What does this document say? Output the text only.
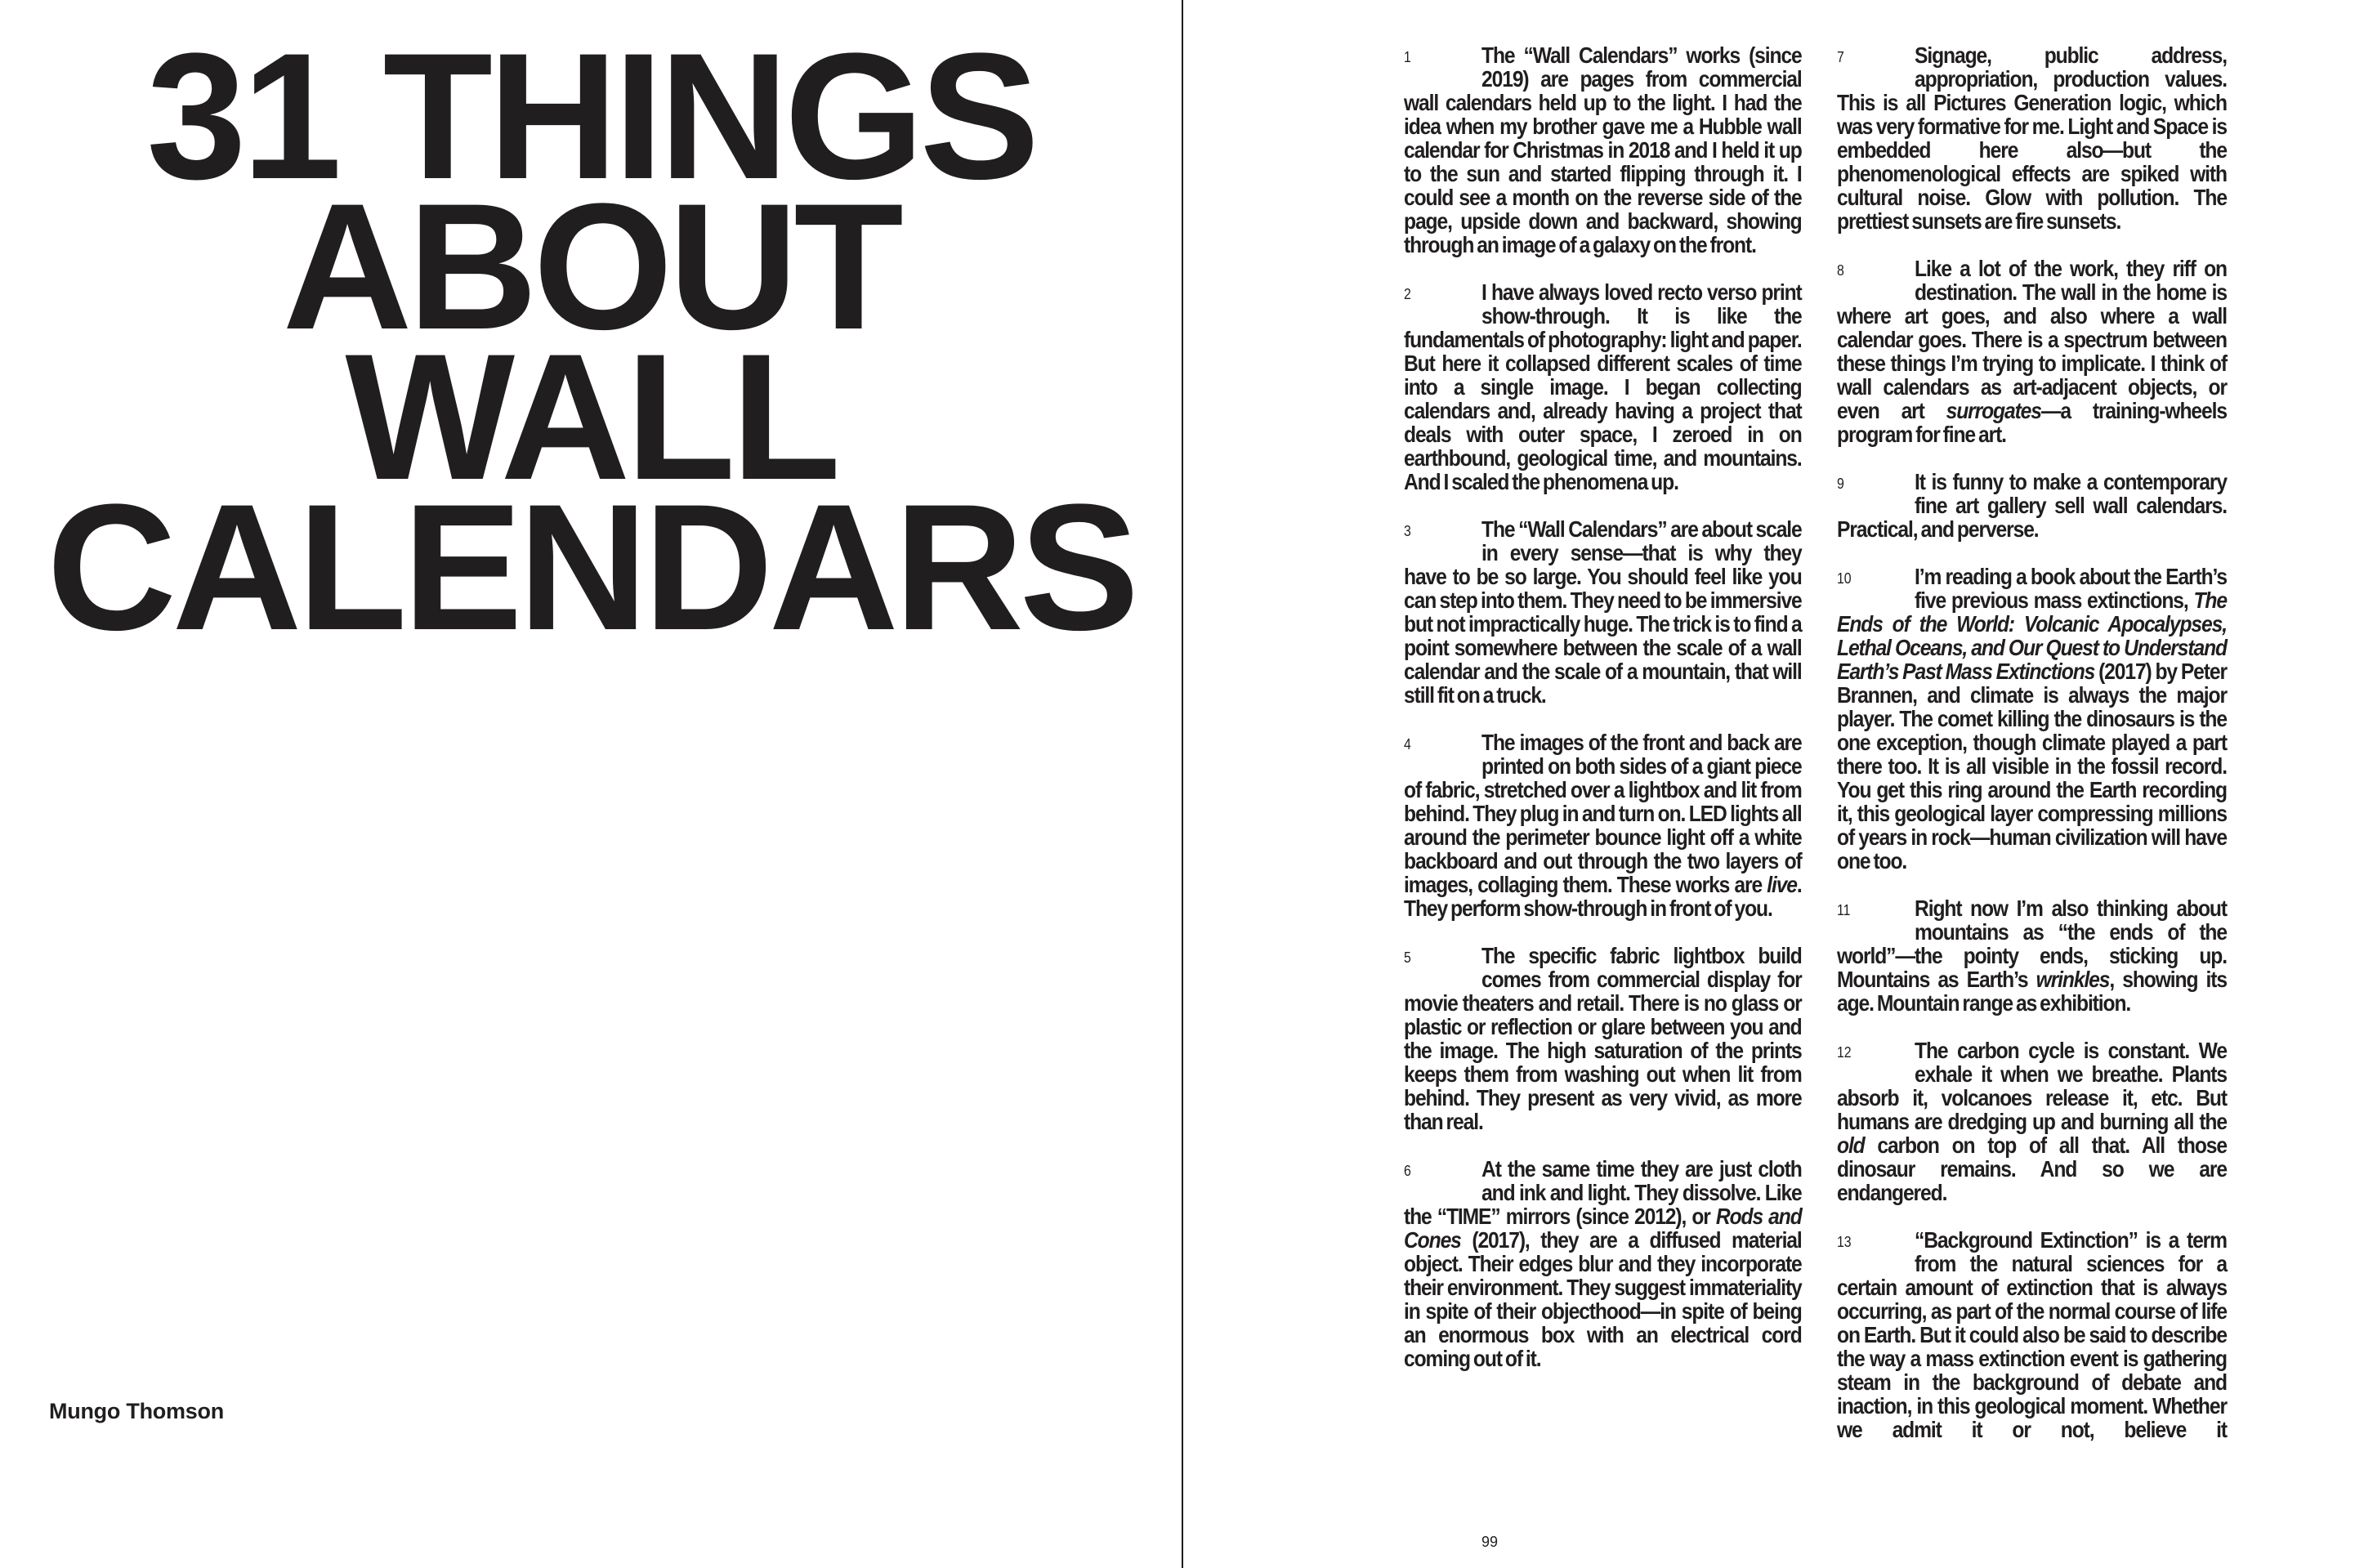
31 THINGS
ABOUT
WALL
CALENDARS
Mungo Thomson
1	The “Wall Calendars” works (since 2019) are pages from commercial wall calendars held up to the light. I had the idea when my brother gave me a Hubble wall calendar for Christmas in 2018 and I held it up to the sun and started flipping through it. I could see a month on the reverse side of the page, upside down and backward, showing through an image of a galaxy on the front.
2	I have always loved recto verso print show-through. It is like the fundamentals of photography: light and paper. But here it collapsed different scales of time into a single image. I began collecting calendars and, already having a project that deals with outer space, I zeroed in on earthbound, geological time, and mountains. And I scaled the phenomena up.
3	The “Wall Calendars” are about scale in every sense—that is why they have to be so large. You should feel like you can step into them. They need to be immersive but not impractically huge. The trick is to find a point somewhere between the scale of a wall calendar and the scale of a mountain, that will still fit on a truck.
4	The images of the front and back are printed on both sides of a giant piece of fabric, stretched over a lightbox and lit from behind. They plug in and turn on. LED lights all around the perimeter bounce light off a white backboard and out through the two layers of images, collaging them. These works are live. They perform show-through in front of you.
5	The specific fabric lightbox build comes from commercial display for movie theaters and retail. There is no glass or plastic or reflection or glare between you and the image. The high saturation of the prints keeps them from washing out when lit from behind. They present as very vivid, as more than real.
6	At the same time they are just cloth and ink and light. They dissolve. Like the “TIME” mirrors (since 2012), or Rods and Cones (2017), they are a diffused material object. Their edges blur and they incorporate their environment. They suggest immateriality in spite of their objecthood—in spite of being an enormous box with an electrical cord coming out of it.
7	Signage, public address, appropriation, production values. This is all Pictures Generation logic, which was very formative for me. Light and Space is embedded here also—but the phenomenological effects are spiked with cultural noise. Glow with pollution. The prettiest sunsets are fire sunsets.
8	Like a lot of the work, they riff on destination. The wall in the home is where art goes, and also where a wall calendar goes. There is a spectrum between these things I’m trying to implicate. I think of wall calendars as art-adjacent objects, or even art surrogates—a training-wheels program for fine art.
9	It is funny to make a contemporary fine art gallery sell wall calendars. Practical, and perverse.
10	I’m reading a book about the Earth’s five previous mass extinctions, The Ends of the World: Volcanic Apocalypses, Lethal Oceans, and Our Quest to Understand Earth’s Past Mass Extinctions (2017) by Peter Brannen, and climate is always the major player. The comet killing the dinosaurs is the one exception, though climate played a part there too. It is all visible in the fossil record. You get this ring around the Earth recording it, this geological layer compressing millions of years in rock—human civilization will have one too.
11	Right now I’m also thinking about mountains as “the ends of the world”—the pointy ends, sticking up. Mountains as Earth’s wrinkles, showing its age. Mountain range as exhibition.
12	The carbon cycle is constant. We exhale it when we breathe. Plants absorb it, volcanoes release it, etc. But humans are dredging up and burning all the old carbon on top of all that. All those dinosaur remains. And so we are endangered.
13	“Background Extinction” is a term from the natural sciences for a certain amount of extinction that is always occurring, as part of the normal course of life on Earth. But it could also be said to describe the way a mass extinction event is gathering steam in the background of debate and inaction, in this geological moment. Whether we admit it or not, believe it
99
